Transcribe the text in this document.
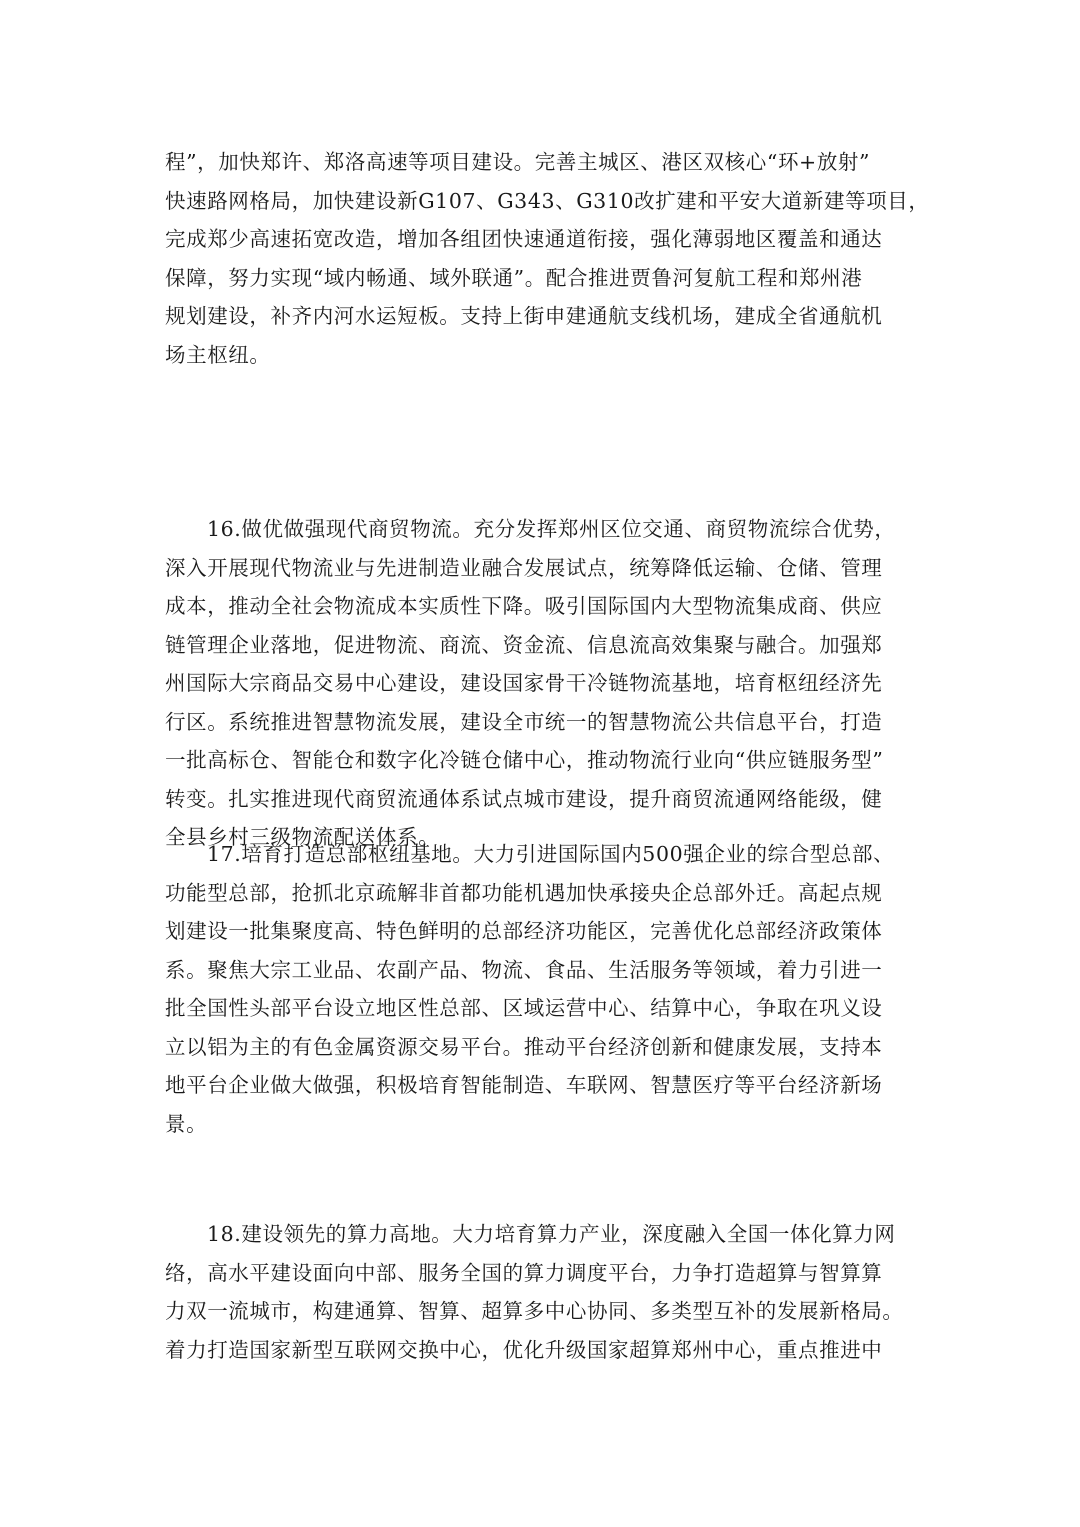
程”，加快郑许、郑洛高速等项目建设。完善主城区、港区双核心“环+放射”
快速路网格局，加快建设新G107、G343、G310改扩建和平安大道新建等项目，
完成郑少高速拓宽改造，增加各组团快速通道衔接，强化薄弱地区覆盖和通达
保障，努力实现“域内畅通、域外联通”。配合推进贾鲁河复航工程和郑州港
规划建设，补齐内河水运短板。支持上街申建通航支线机场，建成全省通航机
场主枢纽。
16.做优做强现代商贸物流。充分发挥郑州区位交通、商贸物流综合优势，
深入开展现代物流业与先进制造业融合发展试点，统筹降低运输、仓储、管理
成本，推动全社会物流成本实质性下降。吸引国际国内大型物流集成商、供应
链管理企业落地，促进物流、商流、资金流、信息流高效集聚与融合。加强郑
州国际大宗商品交易中心建设，建设国家骨干冷链物流基地，培育枢纽经济先
行区。系统推进智慧物流发展，建设全市统一的智慧物流公共信息平台，打造
一批高标仓、智能仓和数字化冷链仓储中心，推动物流行业向“供应链服务型”
转变。扎实推进现代商贸流通体系试点城市建设，提升商贸流通网络能级，健
全县乡村三级物流配送体系。
17.培育打造总部枢纽基地。大力引进国际国内500强企业的综合型总部、
功能型总部，抢抓北京疏解非首都功能机遇加快承接央企总部外迁。高起点规
划建设一批集聚度高、特色鲜明的总部经济功能区，完善优化总部经济政策体
系。聚焦大宗工业品、农副产品、物流、食品、生活服务等领域，着力引进一
批全国性头部平台设立地区性总部、区域运营中心、结算中心，争取在巩义设
立以铝为主的有色金属资源交易平台。推动平台经济创新和健康发展，支持本
地平台企业做大做强，积极培育智能制造、车联网、智慧医疗等平台经济新场
景。
18.建设领先的算力高地。大力培育算力产业，深度融入全国一体化算力网
络，高水平建设面向中部、服务全国的算力调度平台，力争打造超算与智算算
力双一流城市，构建通算、智算、超算多中心协同、多类型互补的发展新格局。
着力打造国家新型互联网交换中心，优化升级国家超算郑州中心，重点推进中
